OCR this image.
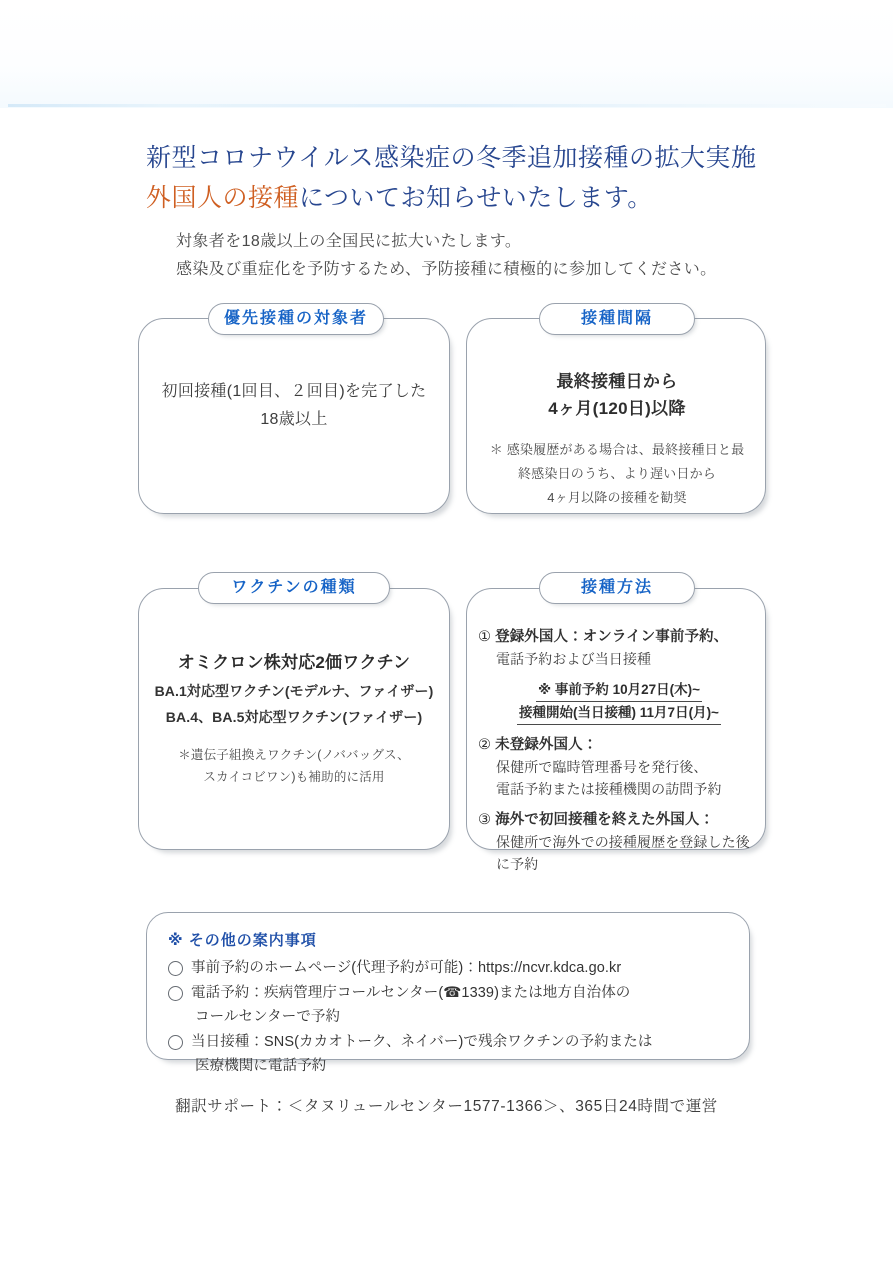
新型コロナウイルス感染症の冬季追加接種の拡大実施
外国人の接種についてお知らせいたします。
対象者を18歳以上の全国民に拡大いたします。
感染及び重症化を予防するため、予防接種に積極的に参加してください。
優先接種の対象者
初回接種(1回目、２回目)を完了した
18歳以上
接種間隔
最終接種日から
4ヶ月(120日)以降
＊ 感染履歴がある場合は、最終接種日と最
終感染日のうち、より遅い日から
4ヶ月以降の接種を勧奨
ワクチンの種類
オミクロン株対応2価ワクチン
BA.1対応型ワクチン(モデルナ、ファイザー)
BA.4、BA.5対応型ワクチン(ファイザー)
＊遺伝子組換えワクチン(ノババッグス、
スカイコビワン)も補助的に活用
接種方法
① 登録外国人：オンライン事前予約、
電話予約および当日接種
※ 事前予約 10月27日(木)~
接種開始(当日接種) 11月7日(月)~
② 未登録外国人：
保健所で臨時管理番号を発行後、
電話予約または接種機関の訪問予約
③ 海外で初回接種を終えた外国人：
保健所で海外での接種履歴を登録した後
に予約
※ その他の案内事項
事前予約のホームページ(代理予約が可能)：https://ncvr.kdca.go.kr
電話予約：疾病管理庁コールセンター(☎1339)または地方自治体の
コールセンターで予約
当日接種：SNS(カカオトーク、ネイバー)で残余ワクチンの予約または
医療機関に電話予約
翻訳サポート：＜タヌリュールセンター1577-1366＞、365日24時間で運営
